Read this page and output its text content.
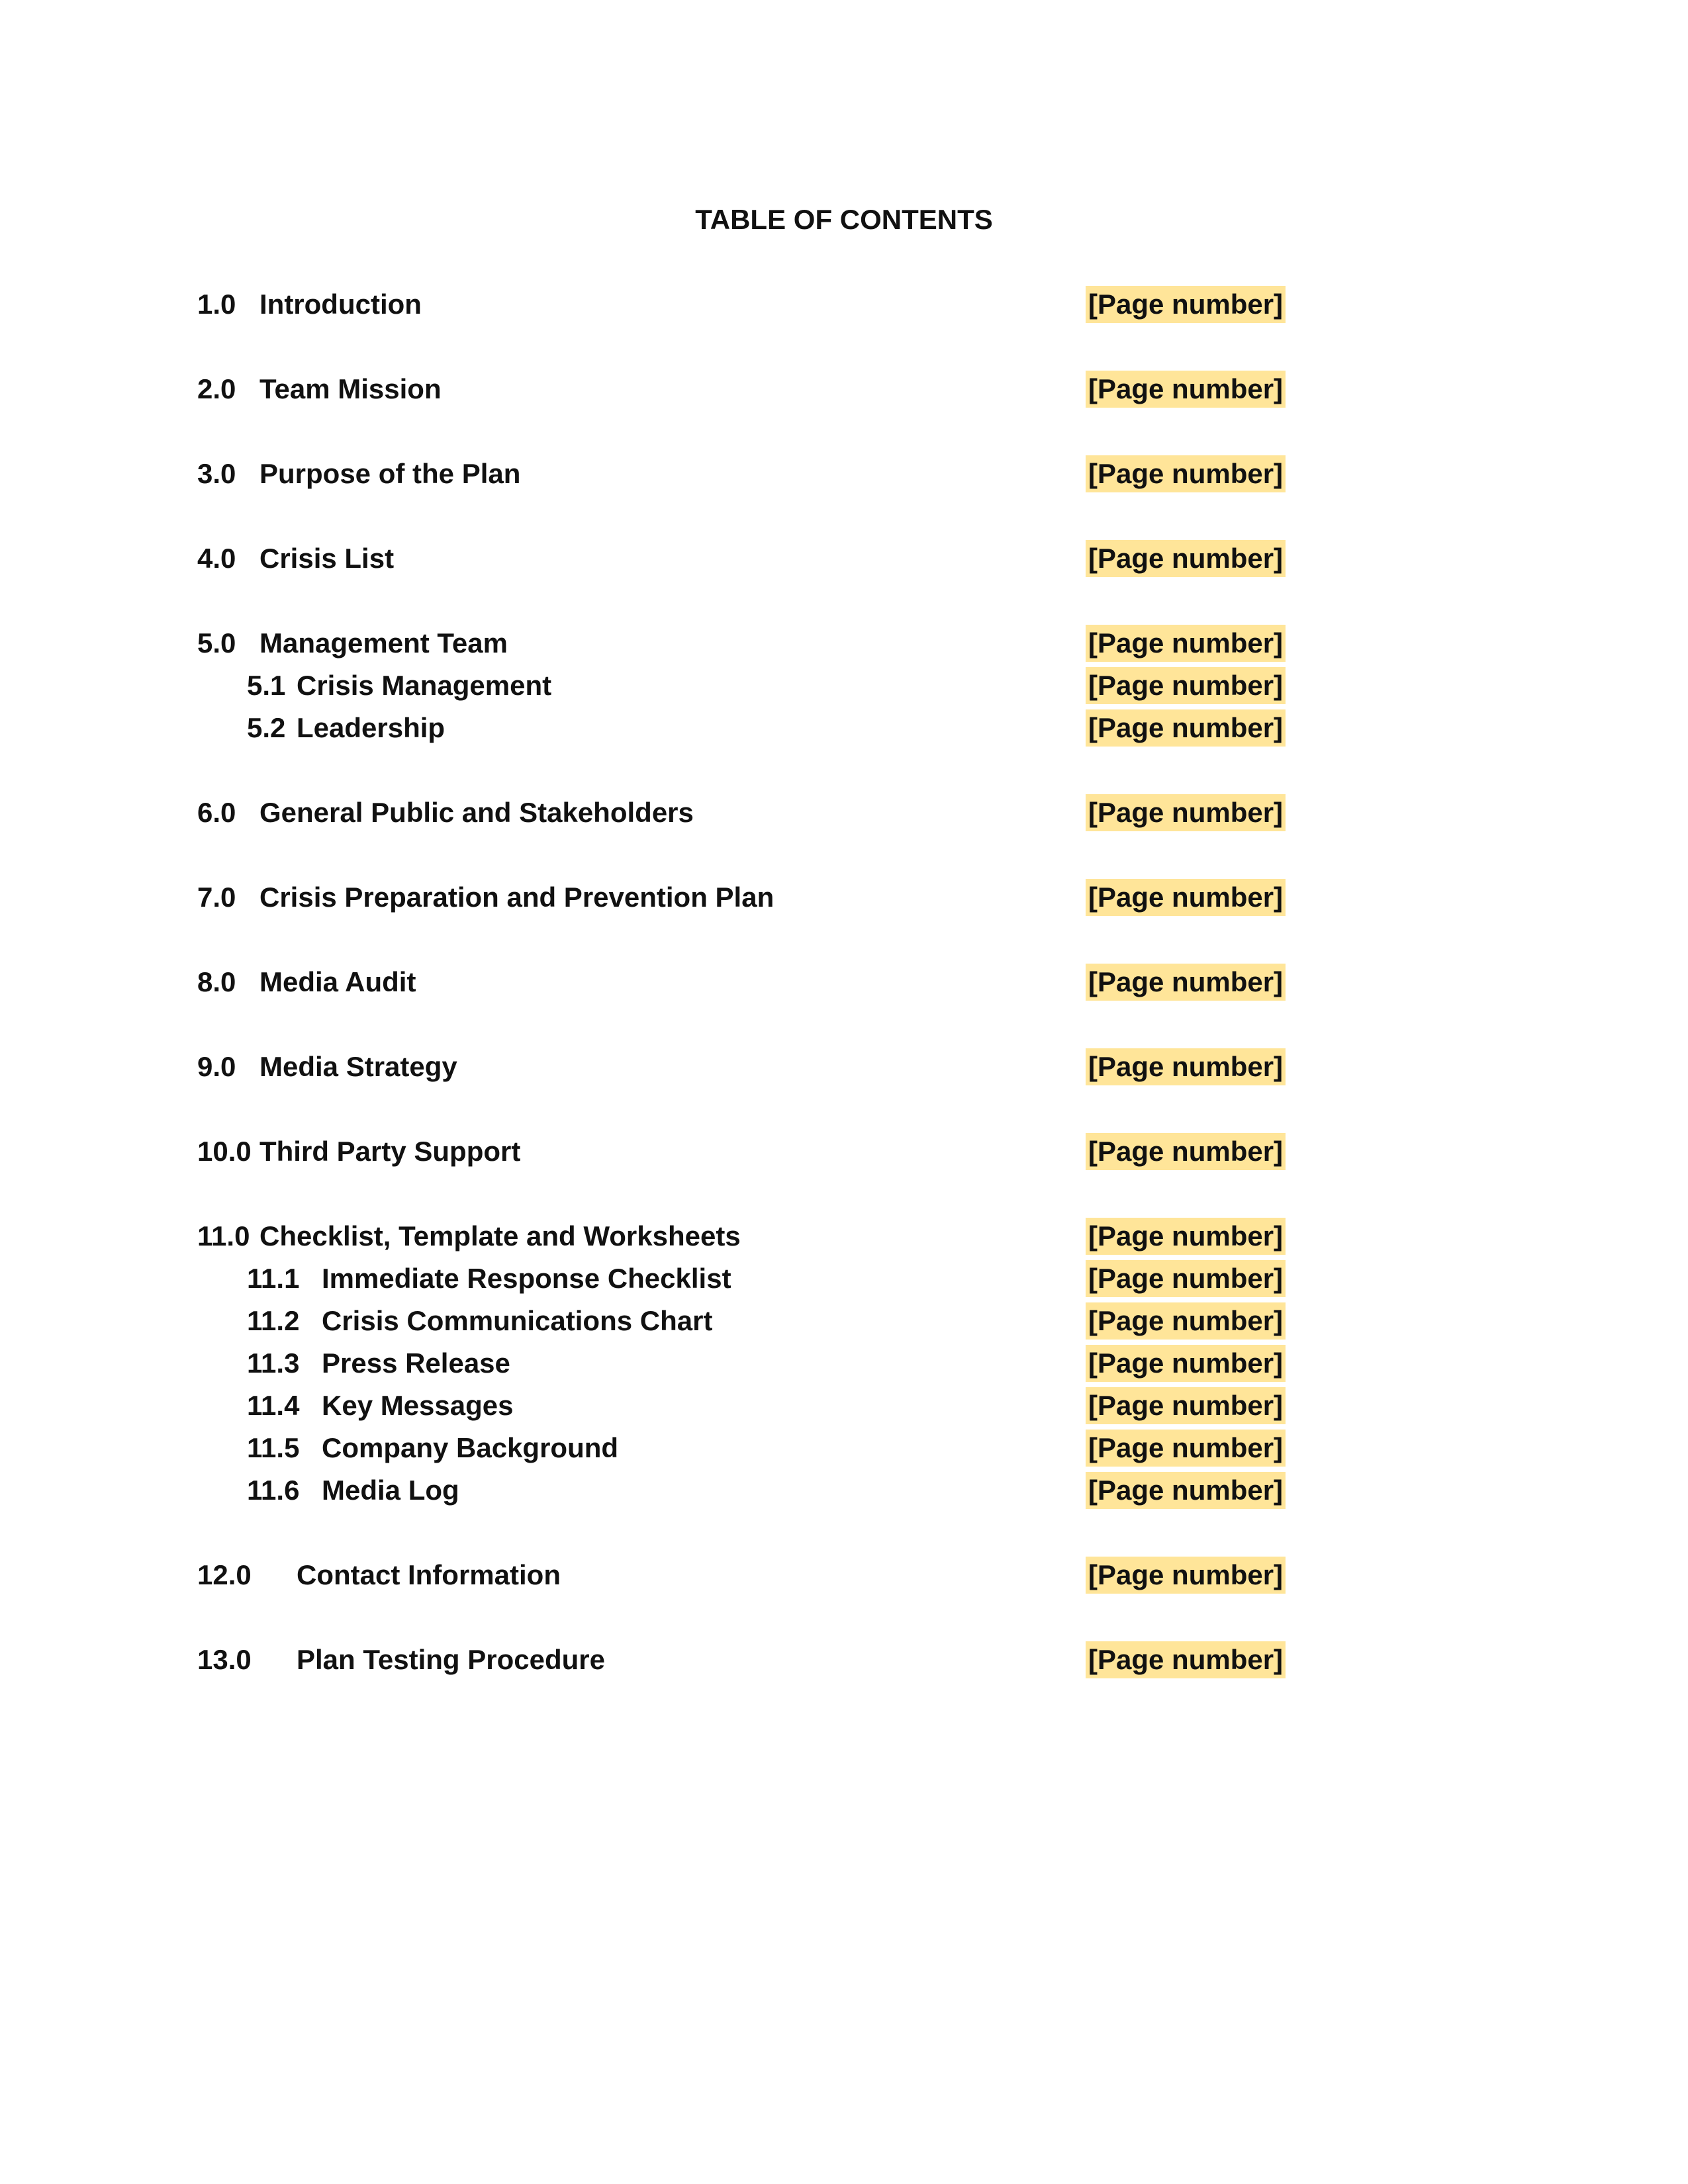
TABLE OF CONTENTS
1.0 Introduction	[Page number]
2.0 Team Mission	[Page number]
3.0 Purpose of the Plan	[Page number]
4.0 Crisis List	[Page number]
5.0 Management Team	[Page number]
5.1 Crisis Management	[Page number]
5.2 Leadership	[Page number]
6.0 General Public and Stakeholders	[Page number]
7.0 Crisis Preparation and Prevention Plan	[Page number]
8.0 Media Audit	[Page number]
9.0 Media Strategy	[Page number]
10.0 Third Party Support	[Page number]
11.0 Checklist, Template and Worksheets	[Page number]
11.1 Immediate Response Checklist	[Page number]
11.2 Crisis Communications Chart	[Page number]
11.3 Press Release	[Page number]
11.4 Key Messages	[Page number]
11.5 Company Background	[Page number]
11.6 Media Log	[Page number]
12.0 Contact Information	[Page number]
13.0 Plan Testing Procedure	[Page number]
